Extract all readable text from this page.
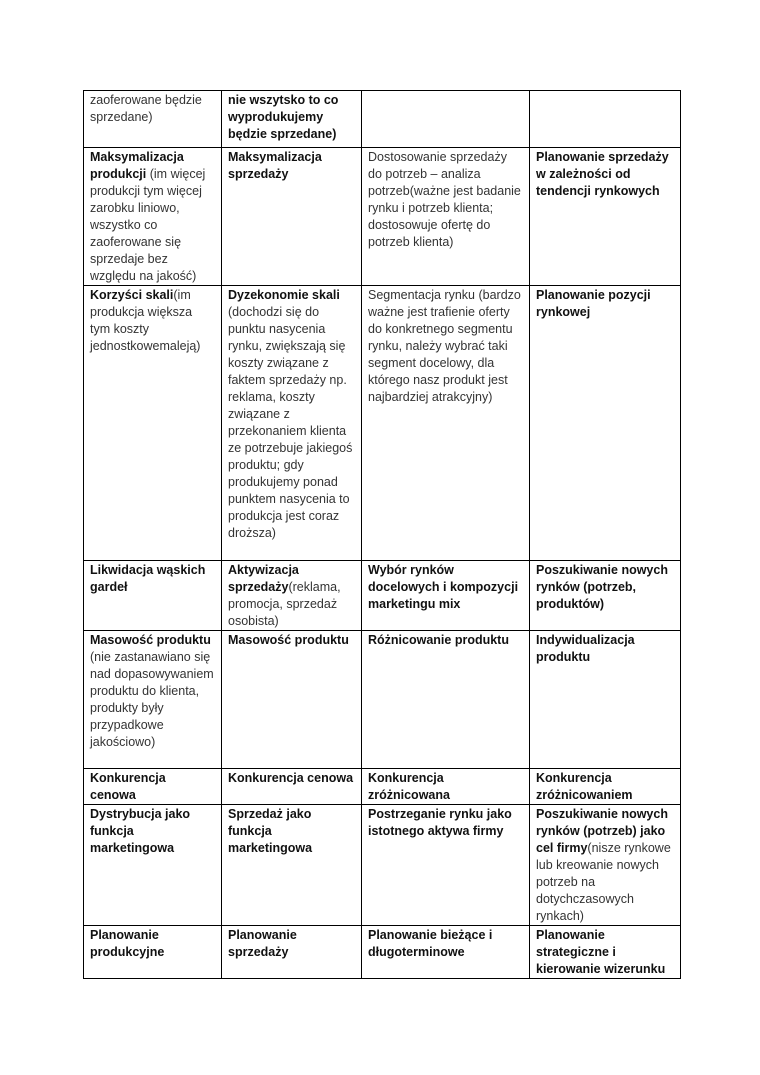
zaoferowane będzie sprzedane)	nie wszytsko to co wyprodukujemy będzie sprzedane)		
Maksymalizacja produkcji (im więcej produkcji tym więcej zarobku liniowo, wszystko co zaoferowane się sprzedaje bez względu na jakość)	Maksymalizacja sprzedaży	Dostosowanie sprzedaży do potrzeb – analiza potrzeb(ważne jest badanie rynku i potrzeb klienta; dostosowuje ofertę do potrzeb klienta)	Planowanie sprzedaży w zależności od tendencji rynkowych
Korzyści skali(im produkcja większa tym koszty jednostkowemaleją)	Dyzekonomie skali (dochodzi się do punktu nasycenia rynku, zwiększają się koszty związane z faktem sprzedaży np. reklama, koszty związane z przekonaniem klienta ze potrzebuje jakiegoś produktu; gdy produkujemy ponad punktem nasycenia to produkcja jest coraz droższa)	Segmentacja rynku (bardzo ważne jest trafienie oferty do konkretnego segmentu rynku, należy wybrać taki segment docelowy, dla którego nasz produkt jest najbardziej atrakcyjny)	Planowanie pozycji rynkowej
Likwidacja wąskich gardeł	Aktywizacja sprzedaży(reklama, promocja, sprzedaż osobista)	Wybór rynków docelowych i kompozycji marketingu mix	Poszukiwanie nowych rynków (potrzeb, produktów)
Masowość produktu (nie zastanawiano się nad dopasowywaniem produktu do klienta, produkty były przypadkowe jakościowo)	Masowość produktu	Różnicowanie produktu	Indywidualizacja produktu
Konkurencja cenowa	Konkurencja cenowa	Konkurencja zróżnicowana	Konkurencja zróżnicowaniem
Dystrybucja jako funkcja marketingowa	Sprzedaż jako funkcja marketingowa	Postrzeganie rynku jako istotnego aktywa firmy	Poszukiwanie nowych rynków (potrzeb) jako cel firmy(nisze rynkowe lub kreowanie nowych potrzeb na dotychczasowych rynkach)
Planowanie produkcyjne	Planowanie sprzedaży	Planowanie bieżące i długoterminowe	Planowanie strategiczne i kierowanie wizerunku
